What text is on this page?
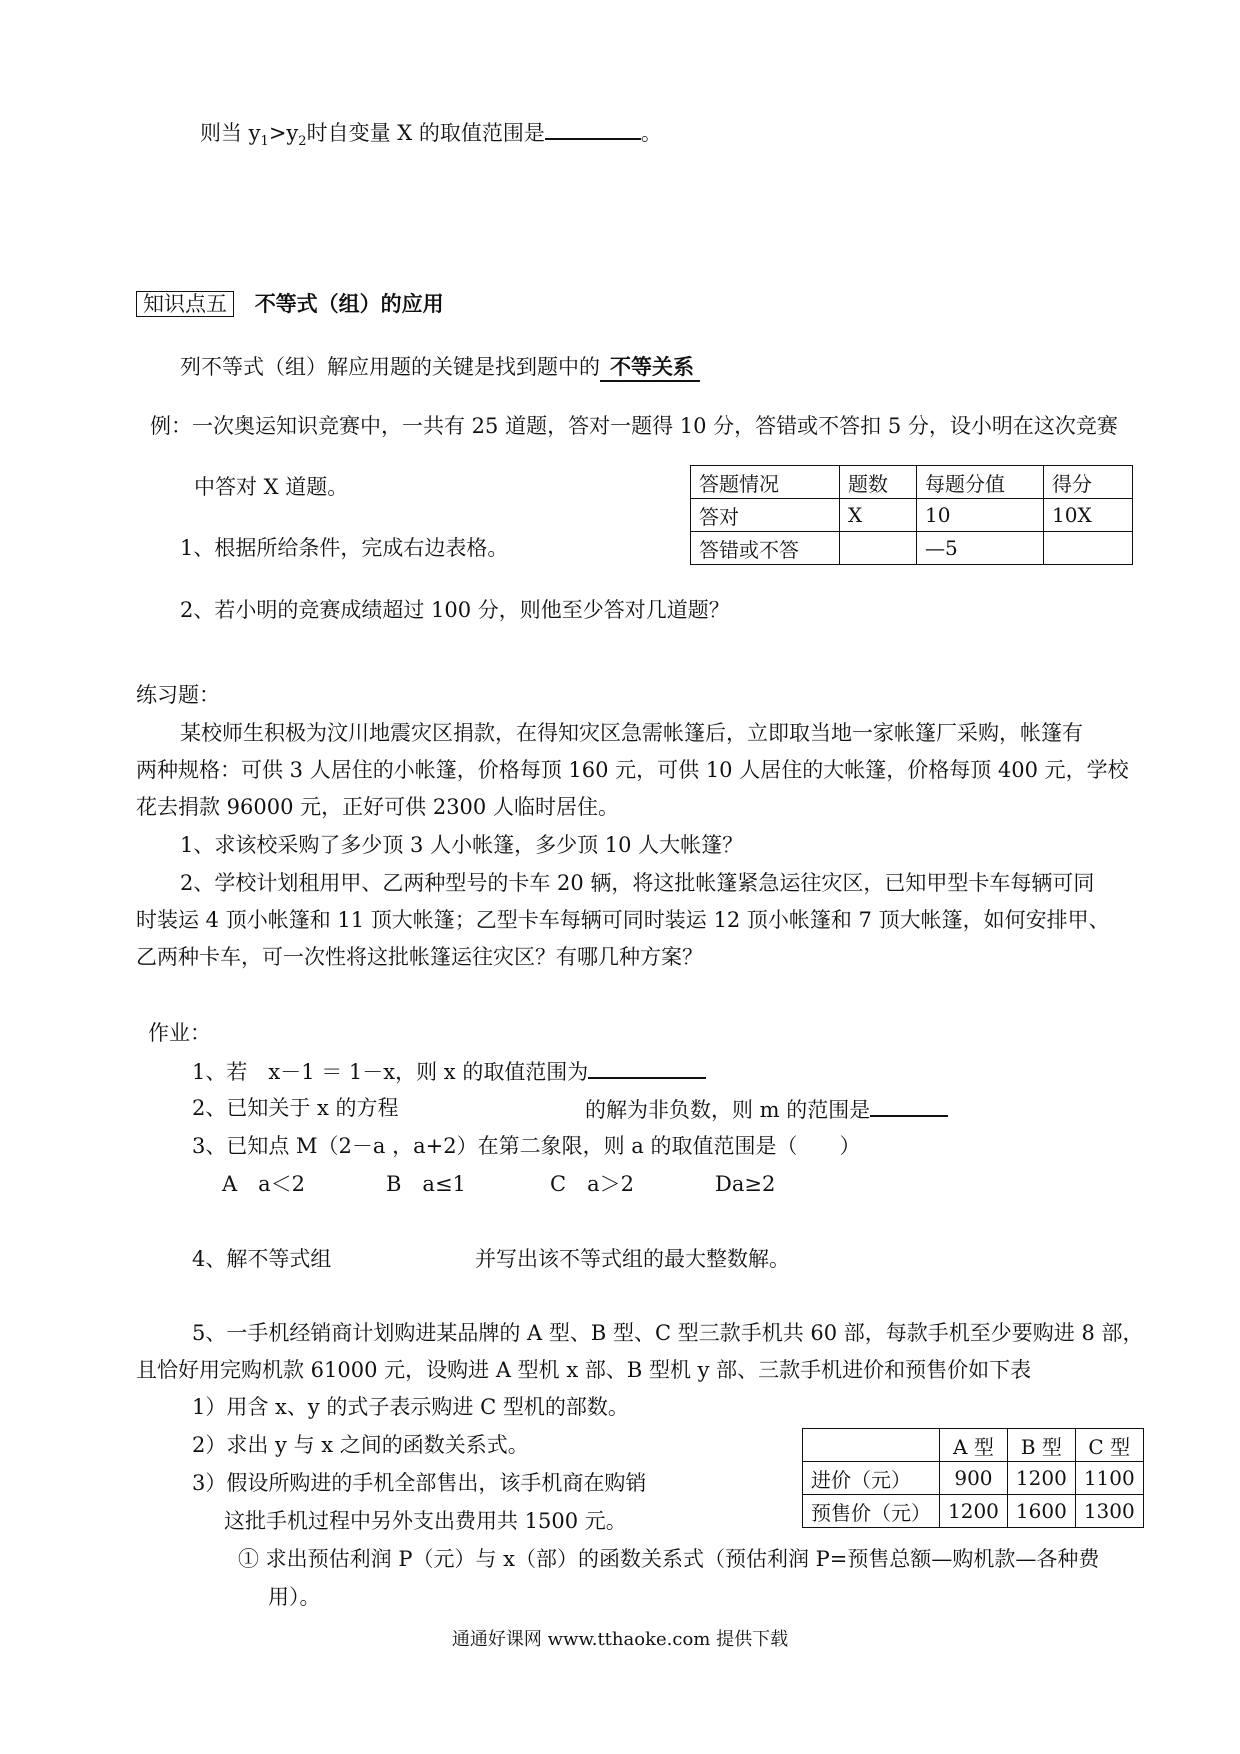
则当 $y_1>y_2$时自变量 X 的取值范围是	。
知识点五 不等式（组）的应用
列不等式（组）解应用题的关键是找到题中的 不等关系
例：一次奥运知识竞赛中，一共有 25 道题，答对一题得 10 分，答错或不答扣 5 分，设小明在这次竞赛
中答对 X 道题。
1、根据所给条件，完成右边表格。
2、若小明的竞赛成绩超过 100 分，则他至少答对几道题？
答题情况	题数	每题分值	得分
答对	X	10	10X
答错或不答		—5	
练习题：
某校师生积极为汶川地震灾区捐款，在得知灾区急需帐篷后，立即取当地一家帐篷厂采购，帐篷有
两种规格：可供 3 人居住的小帐篷，价格每顶 160 元，可供 10 人居住的大帐篷，价格每顶 400 元，学校
花去捐款 96000 元，正好可供 2300 人临时居住。
1、求该校采购了多少顶 3 人小帐篷，多少顶 10 人大帐篷？
2、学校计划租用甲、乙两种型号的卡车 20 辆，将这批帐篷紧急运往灾区，已知甲型卡车每辆可同
时装运 4 顶小帐篷和 11 顶大帐篷；乙型卡车每辆可同时装运 12 顶小帐篷和 7 顶大帐篷，如何安排甲、
乙两种卡车，可一次性将这批帐篷运往灾区？有哪几种方案？
作业：
1、若　x－1 ＝ 1－x，则 x 的取值范围为
2、已知关于 x 的方程	的解为非负数，则 m 的范围是
3、已知点 M（2－a ，a+2）在第二象限，则 a 的取值范围是（　　）
A　a＜2	B　a≤1	C　a＞2	Da≥2
4、解不等式组	并写出该不等式组的最大整数解。
5、一手机经销商计划购进某品牌的 A 型、B 型、C 型三款手机共 60 部，每款手机至少要购进 8 部，
且恰好用完购机款 61000 元，设购进 A 型机 x 部、B 型机 y 部、三款手机进价和预售价如下表
1）用含 x、y 的式子表示购进 C 型机的部数。
2）求出 y 与 x 之间的函数关系式。
3）假设所购进的手机全部售出，该手机商在购销
这批手机过程中另外支出费用共 1500 元。
① 求出预估利润 P（元）与 x（部）的函数关系式（预估利润 P=预售总额—购机款—各种费
用）。
	A 型	B 型	C 型
进价（元）	900	1200	1100
预售价（元）	1200	1600	1300
通通好课网 www.tthaoke.com 提供下载
